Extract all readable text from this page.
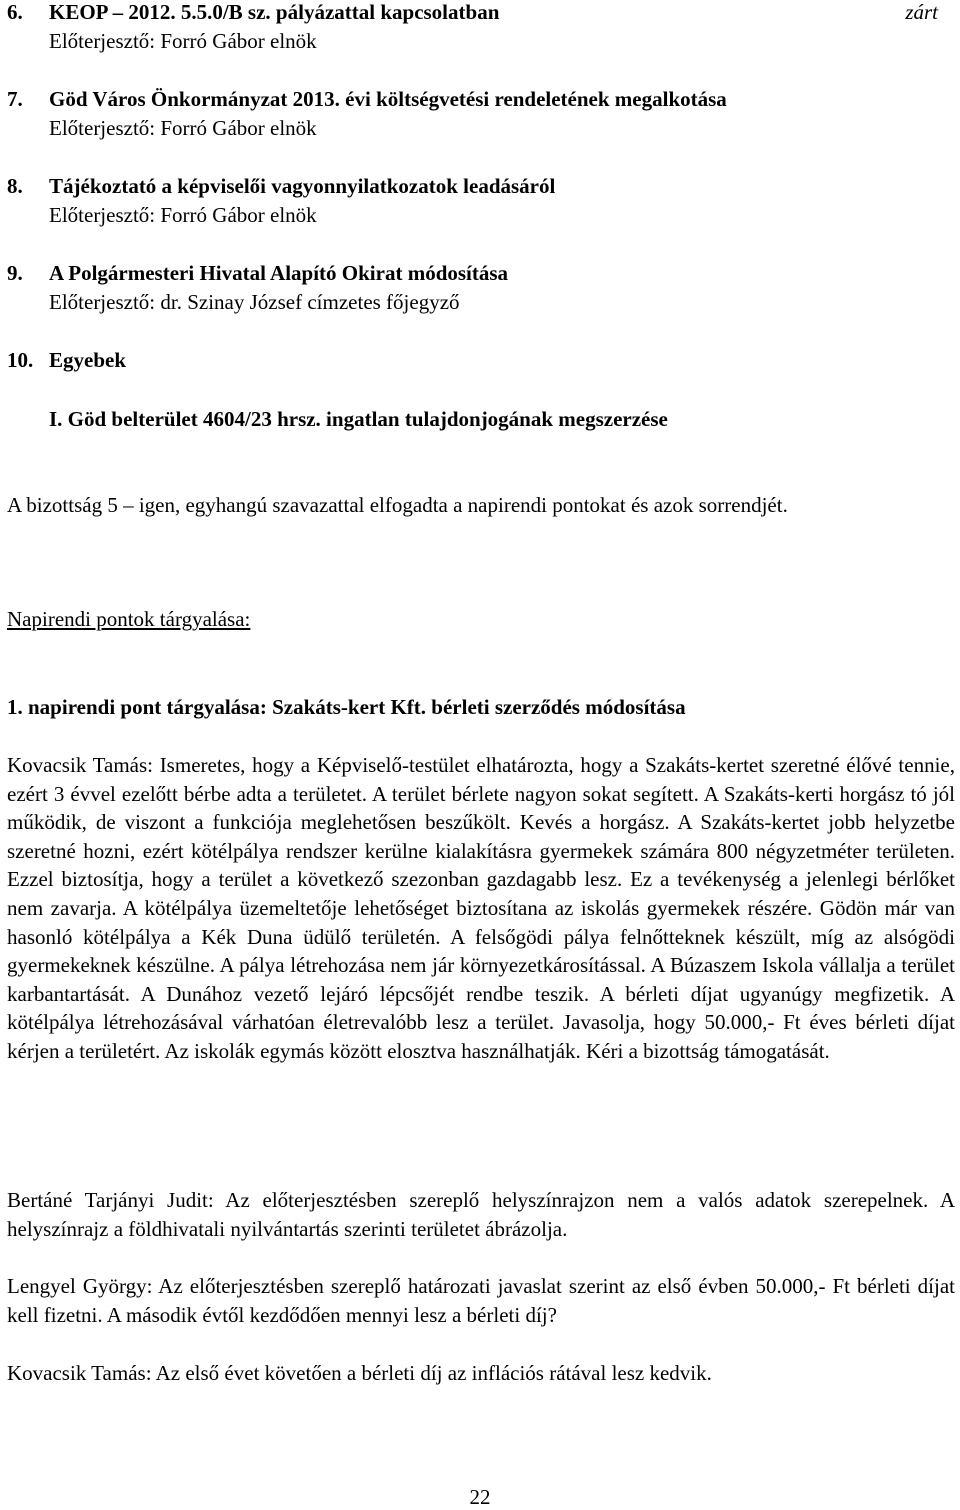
6. KEOP – 2012. 5.5.0/B sz. pályázattal kapcsolatban	zárt
Előterjesztő: Forró Gábor elnök
7. Göd Város Önkormányzat 2013. évi költségvetési rendeletének megalkotása
Előterjesztő: Forró Gábor elnök
8. Tájékoztató a képviselői vagyonnyilatkozatok leadásáról
Előterjesztő: Forró Gábor elnök
9. A Polgármesteri Hivatal Alapító Okirat módosítása
Előterjesztő: dr. Szinay József címzetes főjegyző
10. Egyebek
I. Göd belterület 4604/23 hrsz. ingatlan tulajdonjogának megszerzése
A bizottság 5 – igen, egyhangú szavazattal elfogadta a napirendi pontokat és azok sorrendjét.
Napirendi pontok tárgyalása:
1. napirendi pont tárgyalása: Szakáts-kert Kft. bérleti szerződés módosítása
Kovacsik Tamás: Ismeretes, hogy a Képviselő-testület elhatározta, hogy a Szakáts-kertet szeretné élővé tennie, ezért 3 évvel ezelőtt bérbe adta a területet. A terület bérlete nagyon sokat segített. A Szakáts-kerti horgász tó jól működik, de viszont a funkciója meglehetősen beszűkölt. Kevés a horgász. A Szakáts-kertet jobb helyzetbe szeretné hozni, ezért kötélpálya rendszer kerülne kialakításra gyermekek számára 800 négyzetméter területen. Ezzel biztosítja, hogy a terület a következő szezonban gazdagabb lesz. Ez a tevékenység a jelenlegi bérlőket nem zavarja. A kötélpálya üzemeltetője lehetőséget biztosítana az iskolás gyermekek részére. Gödön már van hasonló kötélpálya a Kék Duna üdülő területén. A felsőgödi pálya felnőtteknek készült, míg az alsógödi gyermekeknek készülne. A pálya létrehozása nem jár környezetkárosítással. A Búzaszem Iskola vállalja a terület karbantartását. A Dunához vezető lejáró lépcsőjét rendbe teszik. A bérleti díjat ugyanúgy megfizetik. A kötélpálya létrehozásával várhatóan életrevalóbb lesz a terület. Javasolja, hogy 50.000,- Ft éves bérleti díjat kérjen a területért. Az iskolák egymás között elosztva használhatják. Kéri a bizottság támogatását.
Bertáné Tarjányi Judit: Az előterjesztésben szereplő helyszínrajzon nem a valós adatok szerepelnek. A helyszínrajz a földhivatali nyilvántartás szerinti területet ábrázolja.
Lengyel György: Az előterjesztésben szereplő határozati javaslat szerint az első évben 50.000,- Ft bérleti díjat kell fizetni. A második évtől kezdődően mennyi lesz a bérleti díj?
Kovacsik Tamás: Az első évet követően a bérleti díj az inflációs rátával lesz kedvik.
22
